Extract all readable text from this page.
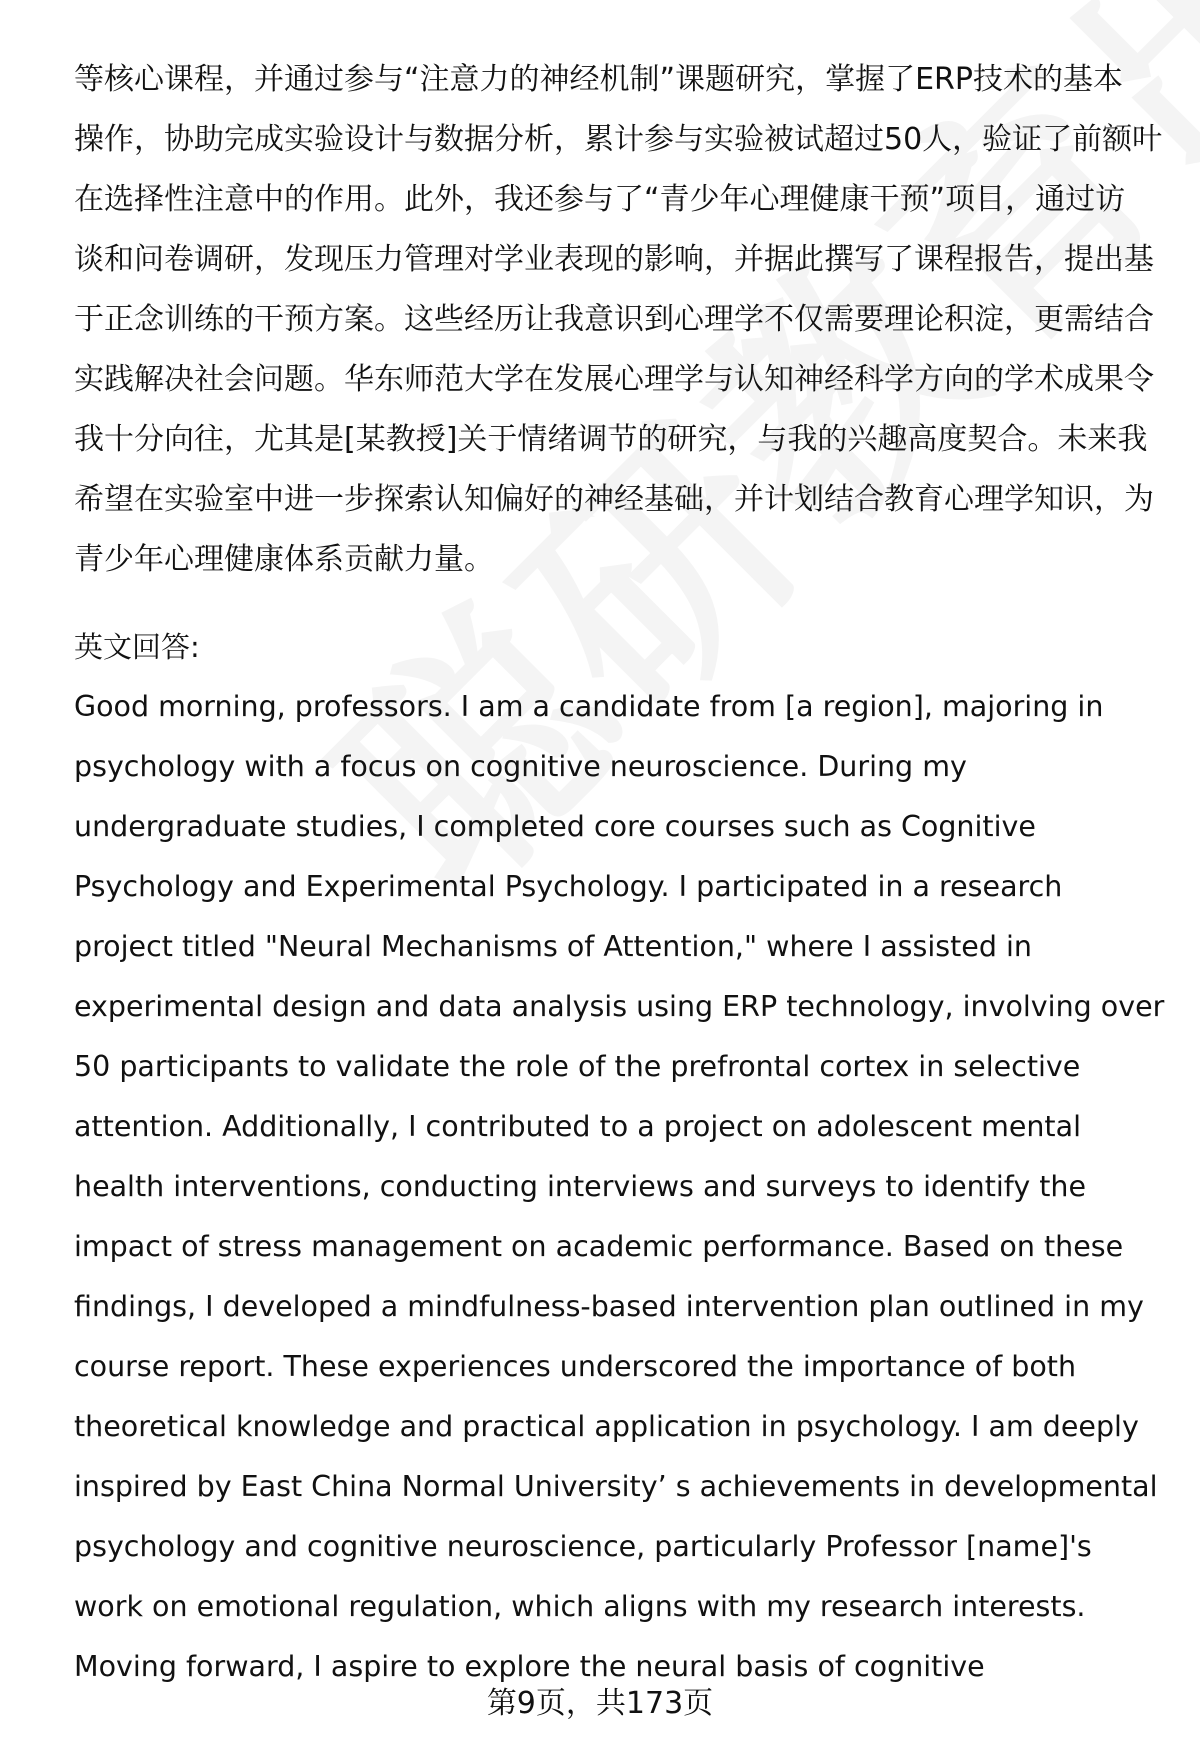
等核心课程，并通过参与“注意力的神经机制”课题研究，掌握了ERP技术的基本
操作，协助完成实验设计与数据分析，累计参与实验被试超过50人，验证了前额叶
在选择性注意中的作用。此外，我还参与了“青少年心理健康干预”项目，通过访
谈和问卷调研，发现压力管理对学业表现的影响，并据此撰写了课程报告，提出基
于正念训练的干预方案。这些经历让我意识到心理学不仅需要理论积淀，更需结合
实践解决社会问题。华东师范大学在发展心理学与认知神经科学方向的学术成果令
我十分向往，尤其是[某教授]关于情绪调节的研究，与我的兴趣高度契合。未来我
希望在实验室中进一步探索认知偏好的神经基础，并计划结合教育心理学知识，为
青少年心理健康体系贡献力量。
英文回答:
Good morning, professors. I am a candidate from [a region], majoring in
psychology with a focus on cognitive neuroscience. During my
undergraduate studies, I completed core courses such as Cognitive
Psychology and Experimental Psychology. I participated in a research
project titled "Neural Mechanisms of Attention," where I assisted in
experimental design and data analysis using ERP technology, involving over
50 participants to validate the role of the prefrontal cortex in selective
attention. Additionally, I contributed to a project on adolescent mental
health interventions, conducting interviews and surveys to identify the
impact of stress management on academic performance. Based on these
findings, I developed a mindfulness-based intervention plan outlined in my
course report. These experiences underscored the importance of both
theoretical knowledge and practical application in psychology. I am deeply
inspired by East China Normal University’ s achievements in developmental
psychology and cognitive neuroscience, particularly Professor [name]'s
work on emotional regulation, which aligns with my research interests.
Moving forward, I aspire to explore the neural basis of cognitive
第9页，共173页
